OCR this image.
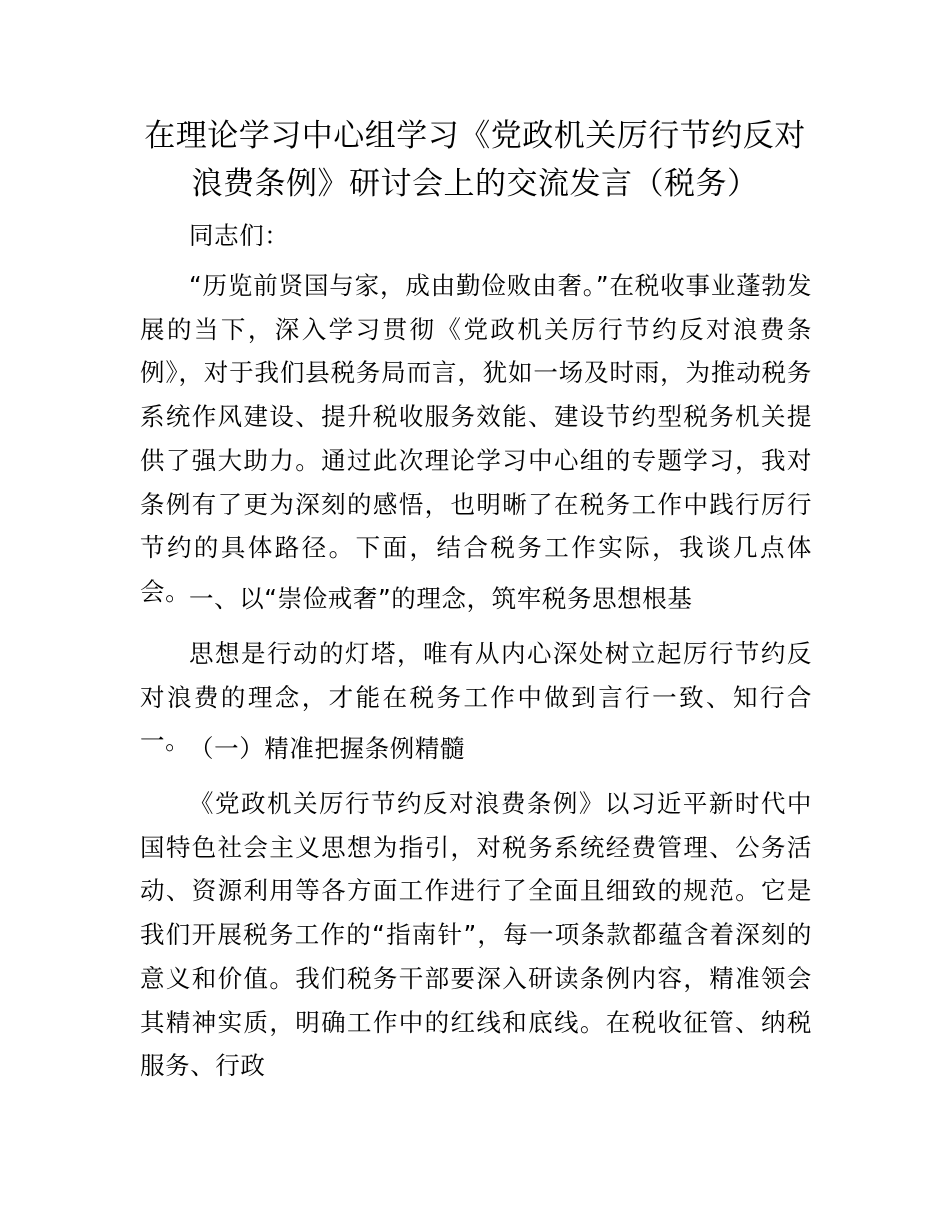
在理论学习中心组学习《党政机关厉行节约反对浪费条例》研讨会上的交流发言（税务）

同志们：

“历览前贤国与家，成由勤俭败由奢。”在税收事业蓬勃发展的当下，深入学习贯彻《党政机关厉行节约反对浪费条例》，对于我们县税务局而言，犹如一场及时雨，为推动税务系统作风建设、提升税收服务效能、建设节约型税务机关提供了强大助力。通过此次理论学习中心组的专题学习，我对条例有了更为深刻的感悟，也明晰了在税务工作中践行厉行节约的具体路径。下面，结合税务工作实际，我谈几点体会。

一、以“崇俭戒奢”的理念，筑牢税务思想根基

思想是行动的灯塔，唯有从内心深处树立起厉行节约反对浪费的理念，才能在税务工作中做到言行一致、知行合一。

（一）精准把握条例精髓

《党政机关厉行节约反对浪费条例》以习近平新时代中国特色社会主义思想为指引，对税务系统经费管理、公务活动、资源利用等各方面工作进行了全面且细致的规范。它是我们开展税务工作的“指南针”，每一项条款都蕴含着深刻的意义和价值。我们税务干部要深入研读条例内容，精准领会其精神实质，明确工作中的红线和底线。在税收征管、纳税服务、行政
